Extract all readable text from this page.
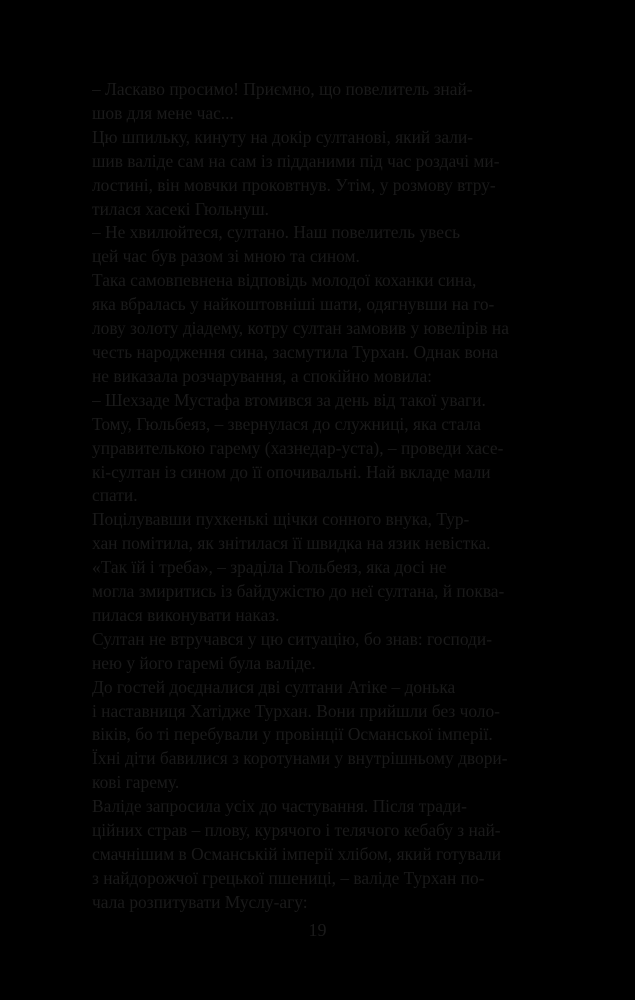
– Ласкаво просимо! Приємно, що повелитель знай-
шов для мене час...

Цю шпильку, кинуту на докір султанові, який зали-
шив валіде сам на сам із підданими під час роздачі ми-
лостині, він мовчки проковтнув. Утім, у розмову втру-
тилася хасекі Гюльнуш.

– Не хвилюйтеся, султано. Наш повелитель увесь
цей час був разом зі мною та сином.

Така самовпевнена відповідь молодої коханки сина,
яка вбралась у найкоштовніші шати, одягнувши на го-
лову золоту діадему, котру султан замовив у ювелірів на
честь народження сина, засмутила Турхан. Однак вона
не виказала розчарування, а спокійно мовила:

– Шехзаде Мустафа втомився за день від такої уваги.
Тому, Гюльбеяз, – звернулася до служниці, яка стала
управителькою гарему (хазнедар-уста), – проведи хасе-
кі-султан із сином до її опочивальні. Най вкладе мали
спати.

Поцілувавши пухкенькі щічки сонного внука, Тур-
хан помітила, як знітилася її швидка на язик невістка.

«Так їй і треба», – зраділа Гюльбеяз, яка досі не
могла змиритись із байдужістю до неї султана, й поква-
пилася виконувати наказ.

Султан не втручався у цю ситуацію, бо знав: господи-
нею у його гаремі була валіде.

До гостей доєдналися дві султани Атіке – донька
і наставниця Хатідже Турхан. Вони прийшли без чоло-
віків, бо ті перебували у провінції Османської імперії.
Їхні діти бавилися з коротунами у внутрішньому двори-
кові гарему.

Валіде запросила усіх до частування. Після тради-
ційних страв – плову, курячого і телячого кебабу з най-
смачнішим в Османській імперії хлібом, який готували
з найдорожчої грецької пшениці, – валіде Турхан по-
чала розпитувати Муслу-агу:

19
